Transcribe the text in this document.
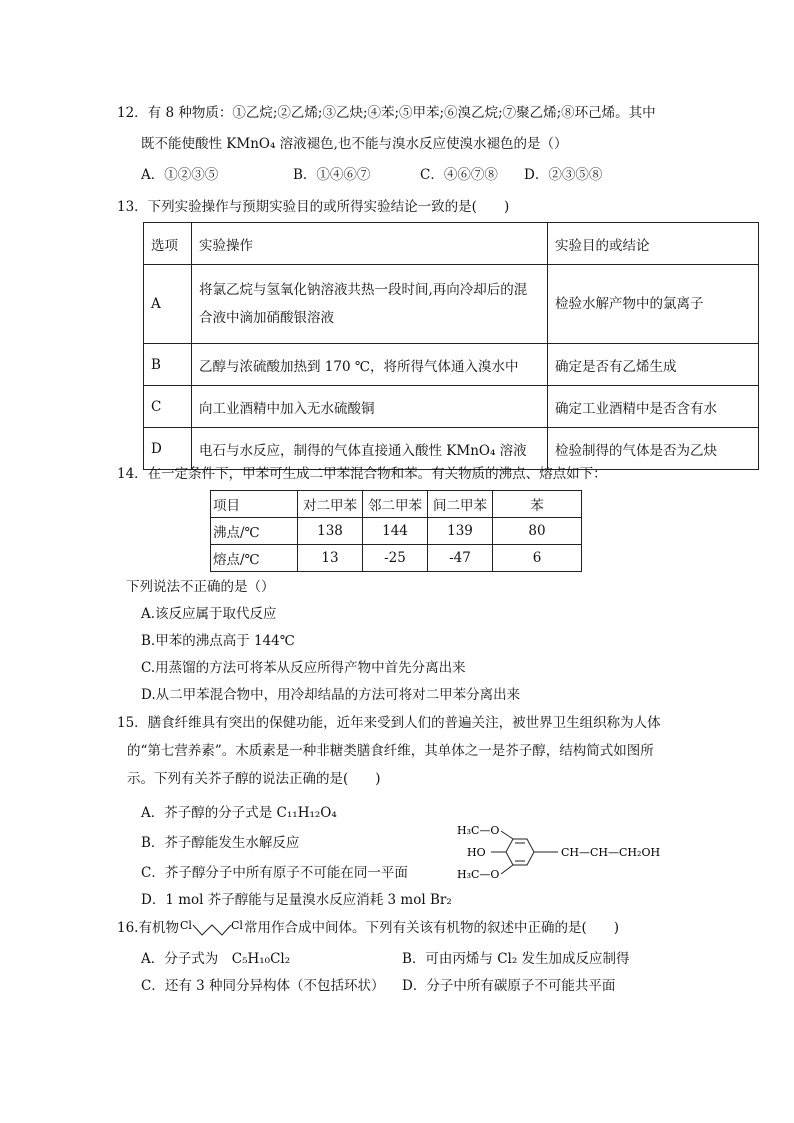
12．有 8 种物质：①乙烷;②乙烯;③乙炔;④苯;⑤甲苯;⑥溴乙烷;⑦聚乙烯;⑧环己烯。其中
既不能使酸性 KMnO₄ 溶液褪色,也不能与溴水反应使溴水褪色的是（）
A．①②③⑤	B．①④⑥⑦	C．④⑥⑦⑧ D．②③⑤⑧
13．下列实验操作与预期实验目的或所得实验结论一致的是(　　)
选项	实验操作	实验目的或结论
A	将氯乙烷与氢氧化钠溶液共热一段时间,再向冷却后的混
合液中滴加硝酸银溶液	检验水解产物中的氯离子
B	乙醇与浓硫酸加热到 170 ℃，将所得气体通入溴水中	确定是否有乙烯生成
C	向工业酒精中加入无水硫酸铜	确定工业酒精中是否含有水
D	电石与水反应，制得的气体直接通入酸性 KMnO₄ 溶液	检验制得的气体是否为乙炔
14．在一定条件下，甲苯可生成二甲苯混合物和苯。有关物质的沸点、熔点如下：
项目	对二甲苯	邻二甲苯	间二甲苯	苯
沸点/℃	138	144	139	80
熔点/℃	13	-25	-47	6
下列说法不正确的是（）
A.该反应属于取代反应
B.甲苯的沸点高于 144℃
C.用蒸馏的方法可将苯从反应所得产物中首先分离出来
D.从二甲苯混合物中，用冷却结晶的方法可将对二甲苯分离出来
15．膳食纤维具有突出的保健功能，近年来受到人们的普遍关注，被世界卫生组织称为人体
的“第七营养素”。木质素是一种非糖类膳食纤维，其单体之一是芥子醇，结构简式如图所
示。下列有关芥子醇的说法正确的是(　　)
A．芥子醇的分子式是 C₁₁H₁₂O₄
B．芥子醇能发生水解反应
C．芥子醇分子中所有原子不可能在同一平面
D．1 mol 芥子醇能与足量溴水反应消耗 3 mol Br₂
H₃C—O
HO
H₃C—O
CH—CH—CH₂OH
16.有机物 Cl	Cl 常用作合成中间体。下列有关该有机物的叙述中正确的是(　　)
A．分子式为　C₅H₁₀Cl₂	B．可由丙烯与 Cl₂ 发生加成反应制得
C．还有 3 种同分异构体（不包括环状） D．分子中所有碳原子不可能共平面
